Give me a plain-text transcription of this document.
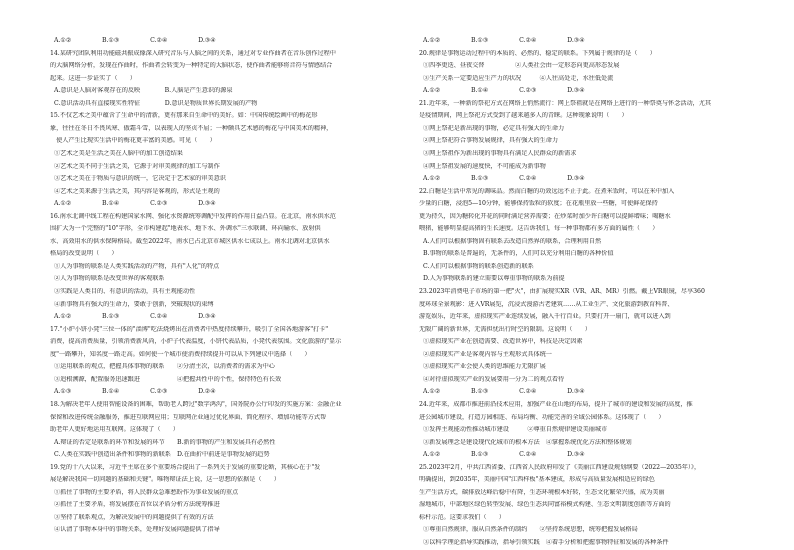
A.①②　　　　　B.①③　　　　　C.②④　　　　　D.③④
14.某研究团队利用功能磁共振成像深入研究音乐与人脑之间的关系，通过对专业作曲者在音乐创作过程中
的大脑网络分析，发现在作曲时，作曲者会转变为一种特定的大脑状态，使作曲者能够将音符与情感结合
起来。这进一步证实了（　　）
A.意识是人脑对客观存在的反映　　　　B.人脑是产生意识的源泉
C.意识活动具有直接现实性特征　　　　D.意识是物质世界长期发展的产物
15.不仅艺术之美中蕴含了生命中的清新，更有那来自生命中的美好。如：中国传统绘画中的梅花形
象，往往在冬日不畏风寒、傲霜斗雪，以表现人的坚贞不屈；一种颇具艺术感的梅花与中国美术的精神，
　使人产生比现实生活中的梅花更丰富的美感。可见（　　）
①艺术之美是生活之美在人脑中的加工创造结果
②艺术之美不同于生活之美，它源于对审美规律的加工与制作
③艺术之美在于物质与意识的统一，它决定于艺术家的审美意识
④艺术之美来源于生活之美，其内容是客观的，形式是主观的
A.①②　　　　　B.①④　　　　　C.②③　　　　　D.③④
16.南水北调中线工程在构建国家水网、强化水资源统筹调配中发挥的作用日益凸显。在北京，南水供水范
围扩大为一个完整的"10"字形，全市构建起"地表水、地下水、外调水"三水联调、环向输水、放射供
水、高效用水的供水保障格局。截至2022年，南水已占北京市城区供水七成以上。南水北调对北京供水
格局的改变说明（　　）
①人为事物的联系是人类实践活动的产物，具有"人化"的特点
②人为事物的联系是改变世界的客观联系
③实践是人类目的、有意识的活动，具有主观能动性
④新事物具有强大的生命力，要敢于创新，突破现状的束缚
A.①②　　　　　B.①③　　　　　C.②④　　　　　D.③④
17."小炉小饼小凳"三位一体的"淄博"吃法烧烤出在消费者中热度持续攀升，吸引了全国各地游客"打卡"
消费，提高消费质量，引领消费新风尚，小炉子代表温度，小饼代表品质，小凳代表氛围。文化旅游的"显示
度"一路攀升，知名度一路走高。如何使一个城市使消费持续提升可以从下列建议中选择（　　）
①运用联系的观点，把握具体事物的联系　　②分清主次，以消费者的需求为中心
③追根溯源，配置服务迅速跟进　　　　　　④把握共性中的个性，保持特色有长效
A.①③　　　　　B.①④　　　　　C.②③　　　　　D.②④
18.为解决老年人使用智能设备的困难，帮助老人跨过"数字鸿沟"，国务院办公厅印发的实施方案：金融企业
保留和改进传统金融服务，推进互联网应用；互联网企业通过优化界面、简化程序、增加功能等方式帮
助老年人更好地运用互联网。这体现了（　　）
A.辩证的否定是联系的环节和发展的环节　　B.新的事物的产生和发展具有必然性
C.人类在实践中创造出条件和事物的新联系　D.在曲折中前进是事物发展的趋势
19.党的十八大以来，习近平主席在多个重要场合提出了一系列关于发展的重要论断，其核心在于"发
展是解决我国一切问题的基础和关键"。唯物辩证法上说，这一思想的依据是（　　）
①抓住了事物的主要矛盾，将人民群众急难愁盼作为事业发展的重点
②抓住了主要矛盾，将发展摆在首位以矛盾分析方法统筹推进
③坚持了联系观点，为解决发展中的问题提供了有效的方法
④认清了事物本身中的事物关系，处理好发展问题提供了指导
A.①②　　　　　B.①③　　　　　C.②④　　　　　D.③④
20.规律是事物运动过程中的本质的、必然的、稳定的联系。下列属于规律的是（　　）
①四季更迭、昼夜交替　　　　　②人类社会由一定形态向更高形态发展
③生产关系一定要适应生产力的状况　　　④人往高处走，水往低处流
A.①②　　　　　B.①④　　　　　C.②③　　　　　D.③④
21.近年来，一种新的祭祀方式在网络上悄然流行：网上祭祖就是在网络上进行的一种祭奠与怀念活动，尤其
是疫情期间，网上祭祀方式受到了越来越多人的青睐。这种现象说明（　　）
①网上祭祀是新出现的事物，必定具有强大的生命力
②网上祭祀符合事物发展规律，具有强大的生命力
③网上祭祖作为新出现的事物具有满足人民群众的新需求
④网上祭祖发展的速度快，不可能成为新事物
A.①②　　　　　B.①③　　　　　C.②④　　　　　D.③④
22.白糖是生活中常见的调味品。然而白糖的功效远远不止于此。在煮米饭时，可以在米中加入
少量的白糖，浸泡5—10分钟，能够保持饭粒的软度；在花瓶里放一些糖，可使鲜花保持
更为持久，因为糖转化开花的同时满足营养需要；在炒菜时加少许白糖可以提鲜增味；喝糖水
喂猪，能够明显提高猪的生长速度。这告诉我们，每一种事物都有多方面的属性（　　）
A.人们可以根据事物固有联系去改造自然界的联系，合理利用自然
B.事物的联系是普遍的，无条件的，人们可以充分利用白糖的各种价值
C.人们可以根据事物的联系创造新的联系
D.人为事物联系的建立需要以尊重事物的联系为前提
23.2023年消费电子市场的第一把"火"，由扩展现实XR（VR、AR、MR）引燃。戴上VR眼镜，尽享360
度环球全景观影：进入VR展览，沉浸式漫游古老建筑……从工业生产、文化旅游到教育科普、
游览娱乐，近年来，虚拟现实产业连续发展，融入千行百业。只要打开一扇门，就可以进入到
无限广阔的新世界，无需担忧出行时空的限制。这说明（　　）
①虚拟现实产业在创造需要、改造世界中，科技是决定因素
②虚拟现实产业是客观内容与主观形式具体统一
③虚拟现实产业会使人类的思维能力无限扩展
④对待虚拟现实产业的发展要用一分为二的观点看待
A.①②　　　　　B.①③　　　　　C.②④　　　　　D.③④
24.近年来，成都市推进前沿技术应用，加强产业在山地的布局，提升了城市的建设和发展的高度，推
进公园城市建设，打造万园相连、布局均衡、功能完善的全域公园体系。这体现了（　　）
①发挥主观能动性推动城市建设　　　②尊重自然规律建设美丽城市
③新发展理念是建设现代化城市的根本方法　④掌握系统优化方法和整体规划
A.①②　　　　　B.①③　　　　　C.②④　　　　　D.③④
25.2023年2月，中共江西省委、江西省人民政府印发了《美丽江西建设规划纲要（2022—2035年）》，
明确提出，到2035年，美丽中国"江西样板"基本建成，形成与高质量发展相适应的绿色
生产生活方式，碳排放达峰后稳中有降，生态环境根本好转，生态文化繁荣兴盛，成为美丽
湿地城市，中部地区绿色转型发展、绿色生态共同富裕模式构建、生态文明制度创新等方面的
标杆示范。这要求我们（　　）
①尊重自然规律，服从自然条件的制约　　②坚持系统思想，统筹把握发展格局
③以科学理论指导实践推动，指导引领实践　④着手分析和把握事物特征和发展的各种条件
